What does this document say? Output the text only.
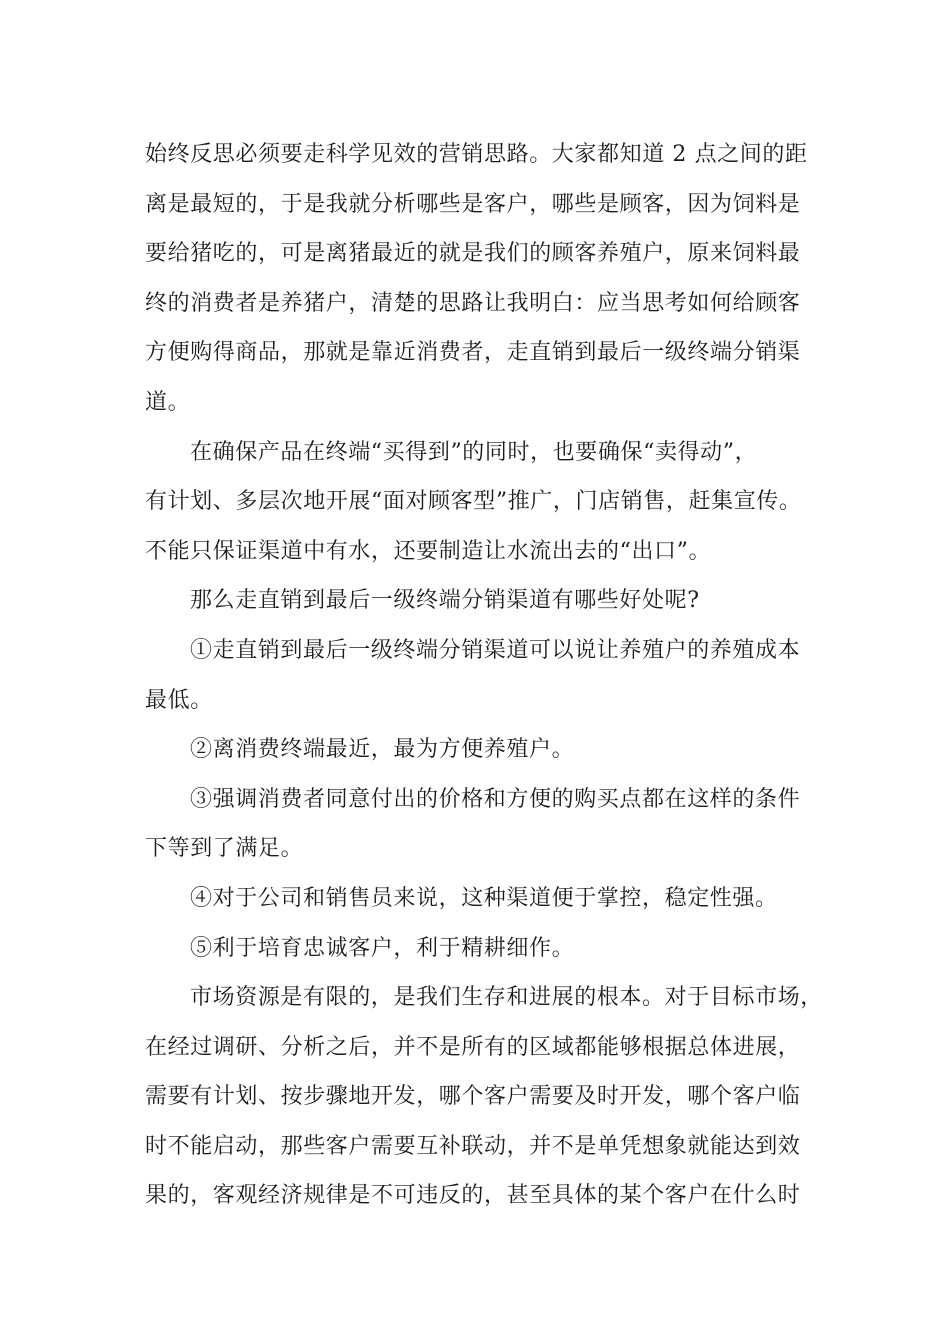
始终反思必须要走科学见效的营销思路。大家都知道 2 点之间的距
离是最短的，于是我就分析哪些是客户，哪些是顾客，因为饲料是
要给猪吃的，可是离猪最近的就是我们的顾客养殖户，原来饲料最
终的消费者是养猪户，清楚的思路让我明白：应当思考如何给顾客
方便购得商品，那就是靠近消费者，走直销到最后一级终端分销渠
道。
在确保产品在终端“买得到”的同时，也要确保“卖得动”，
有计划、多层次地开展“面对顾客型”推广，门店销售，赶集宣传。
不能只保证渠道中有水，还要制造让水流出去的“出口”。
那么走直销到最后一级终端分销渠道有哪些好处呢?
①走直销到最后一级终端分销渠道可以说让养殖户的养殖成本
最低。
②离消费终端最近，最为方便养殖户。
③强调消费者同意付出的价格和方便的购买点都在这样的条件
下等到了满足。
④对于公司和销售员来说，这种渠道便于掌控，稳定性强。
⑤利于培育忠诚客户，利于精耕细作。
市场资源是有限的，是我们生存和进展的根本。对于目标市场，
在经过调研、分析之后，并不是所有的区域都能够根据总体进展，
需要有计划、按步骤地开发，哪个客户需要及时开发，哪个客户临
时不能启动，那些客户需要互补联动，并不是单凭想象就能达到效
果的，客观经济规律是不可违反的，甚至具体的某个客户在什么时
